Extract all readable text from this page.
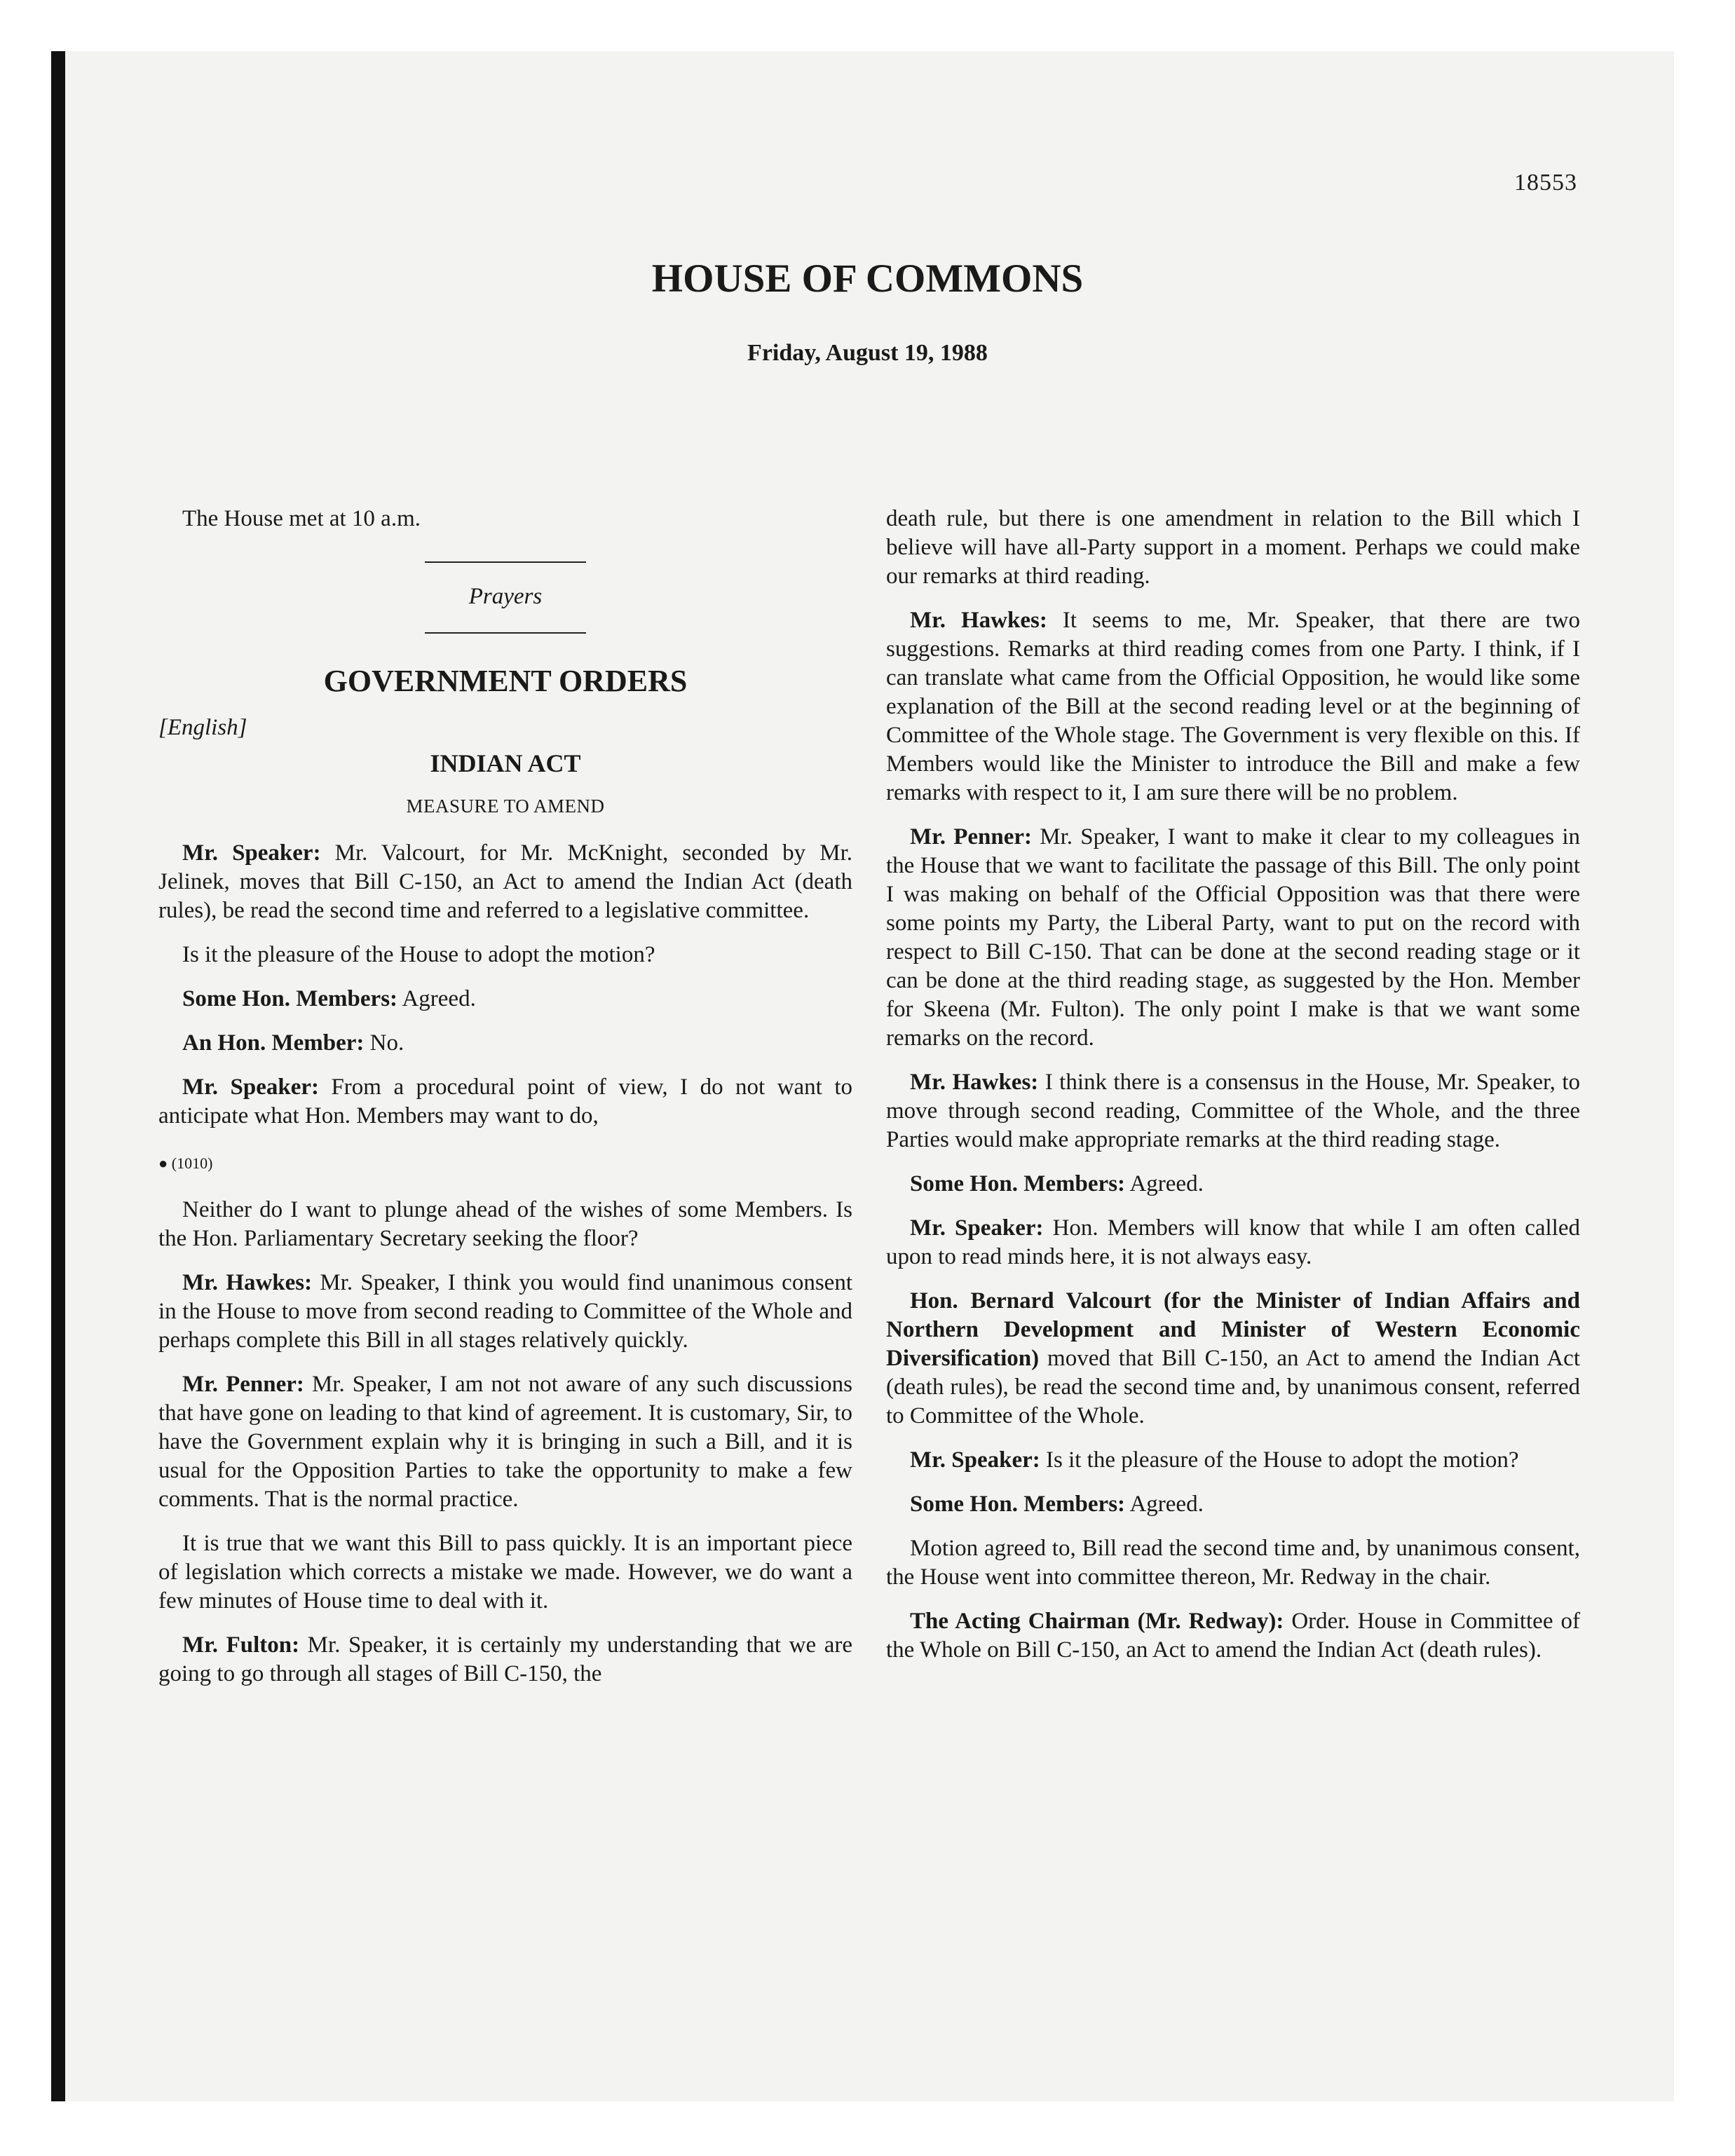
18553
HOUSE OF COMMONS
Friday, August 19, 1988

The House met at 10 a.m.

Prayers

GOVERNMENT ORDERS

[English]

INDIAN ACT
MEASURE TO AMEND

Mr. Speaker: Mr. Valcourt, for Mr. McKnight, seconded by Mr. Jelinek, moves that Bill C-150, an Act to amend the Indian Act (death rules), be read the second time and referred to a legislative committee.

Is it the pleasure of the House to adopt the motion?

Some Hon. Members: Agreed.

An Hon. Member: No.

Mr. Speaker: From a procedural point of view, I do not want to anticipate what Hon. Members may want to do,

● (1010)

Neither do I want to plunge ahead of the wishes of some Members. Is the Hon. Parliamentary Secretary seeking the floor?

Mr. Hawkes: Mr. Speaker, I think you would find unanimous consent in the House to move from second reading to Committee of the Whole and perhaps complete this Bill in all stages relatively quickly.

Mr. Penner: Mr. Speaker, I am not not aware of any such discussions that have gone on leading to that kind of agreement. It is customary, Sir, to have the Government explain why it is bringing in such a Bill, and it is usual for the Opposition Parties to take the opportunity to make a few comments. That is the normal practice.

It is true that we want this Bill to pass quickly. It is an important piece of legislation which corrects a mistake we made. However, we do want a few minutes of House time to deal with it.

Mr. Fulton: Mr. Speaker, it is certainly my understanding that we are going to go through all stages of Bill C-150, the

death rule, but there is one amendment in relation to the Bill which I believe will have all-Party support in a moment. Perhaps we could make our remarks at third reading.

Mr. Hawkes: It seems to me, Mr. Speaker, that there are two suggestions. Remarks at third reading comes from one Party. I think, if I can translate what came from the Official Opposition, he would like some explanation of the Bill at the second reading level or at the beginning of Committee of the Whole stage. The Government is very flexible on this. If Members would like the Minister to introduce the Bill and make a few remarks with respect to it, I am sure there will be no problem.

Mr. Penner: Mr. Speaker, I want to make it clear to my colleagues in the House that we want to facilitate the passage of this Bill. The only point I was making on behalf of the Official Opposition was that there were some points my Party, the Liberal Party, want to put on the record with respect to Bill C-150. That can be done at the second reading stage or it can be done at the third reading stage, as suggested by the Hon. Member for Skeena (Mr. Fulton). The only point I make is that we want some remarks on the record.

Mr. Hawkes: I think there is a consensus in the House, Mr. Speaker, to move through second reading, Committee of the Whole, and the three Parties would make appropriate remarks at the third reading stage.

Some Hon. Members: Agreed.

Mr. Speaker: Hon. Members will know that while I am often called upon to read minds here, it is not always easy.

Hon. Bernard Valcourt (for the Minister of Indian Affairs and Northern Development and Minister of Western Economic Diversification) moved that Bill C-150, an Act to amend the Indian Act (death rules), be read the second time and, by unanimous consent, referred to Committee of the Whole.

Mr. Speaker: Is it the pleasure of the House to adopt the motion?

Some Hon. Members: Agreed.

Motion agreed to, Bill read the second time and, by unanimous consent, the House went into committee thereon, Mr. Redway in the chair.

The Acting Chairman (Mr. Redway): Order. House in Committee of the Whole on Bill C-150, an Act to amend the Indian Act (death rules).
